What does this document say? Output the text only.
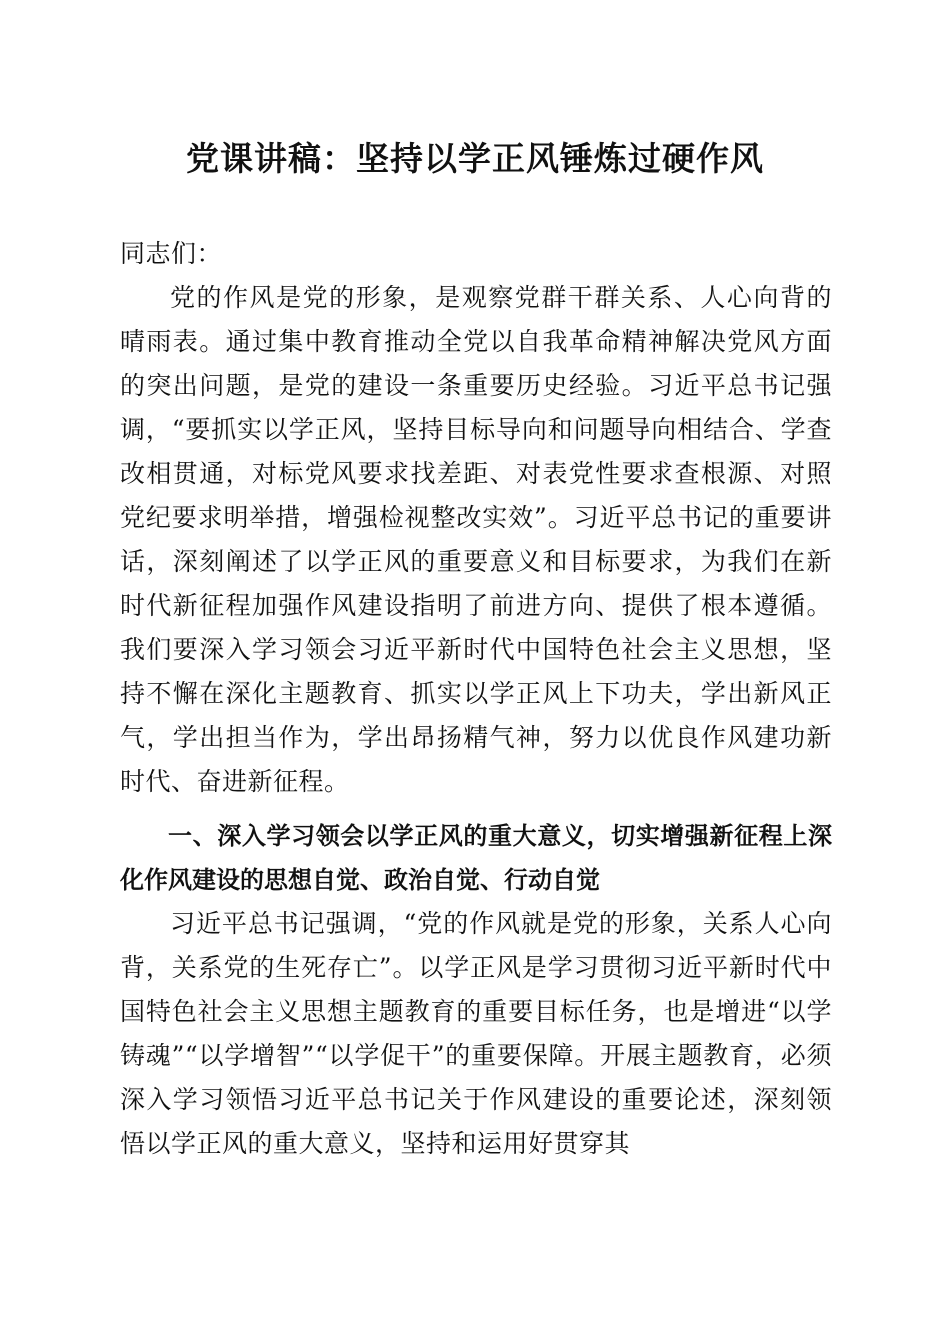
党课讲稿：坚持以学正风锤炼过硬作风

同志们：

党的作风是党的形象，是观察党群干群关系、人心向背的晴雨表。通过集中教育推动全党以自我革命精神解决党风方面的突出问题，是党的建设一条重要历史经验。习近平总书记强调，“要抓实以学正风，坚持目标导向和问题导向相结合、学查改相贯通，对标党风要求找差距、对表党性要求查根源、对照党纪要求明举措，增强检视整改实效”。习近平总书记的重要讲话，深刻阐述了以学正风的重要意义和目标要求，为我们在新时代新征程加强作风建设指明了前进方向、提供了根本遵循。我们要深入学习领会习近平新时代中国特色社会主义思想，坚持不懈在深化主题教育、抓实以学正风上下功夫，学出新风正气，学出担当作为，学出昂扬精气神，努力以优良作风建功新时代、奋进新征程。

一、深入学习领会以学正风的重大意义，切实增强新征程上深化作风建设的思想自觉、政治自觉、行动自觉

习近平总书记强调，“党的作风就是党的形象，关系人心向背，关系党的生死存亡”。以学正风是学习贯彻习近平新时代中国特色社会主义思想主题教育的重要目标任务，也是增进“以学铸魂”“以学增智”“以学促干”的重要保障。开展主题教育，必须深入学习领悟习近平总书记关于作风建设的重要论述，深刻领悟以学正风的重大意义，坚持和运用好贯穿其
